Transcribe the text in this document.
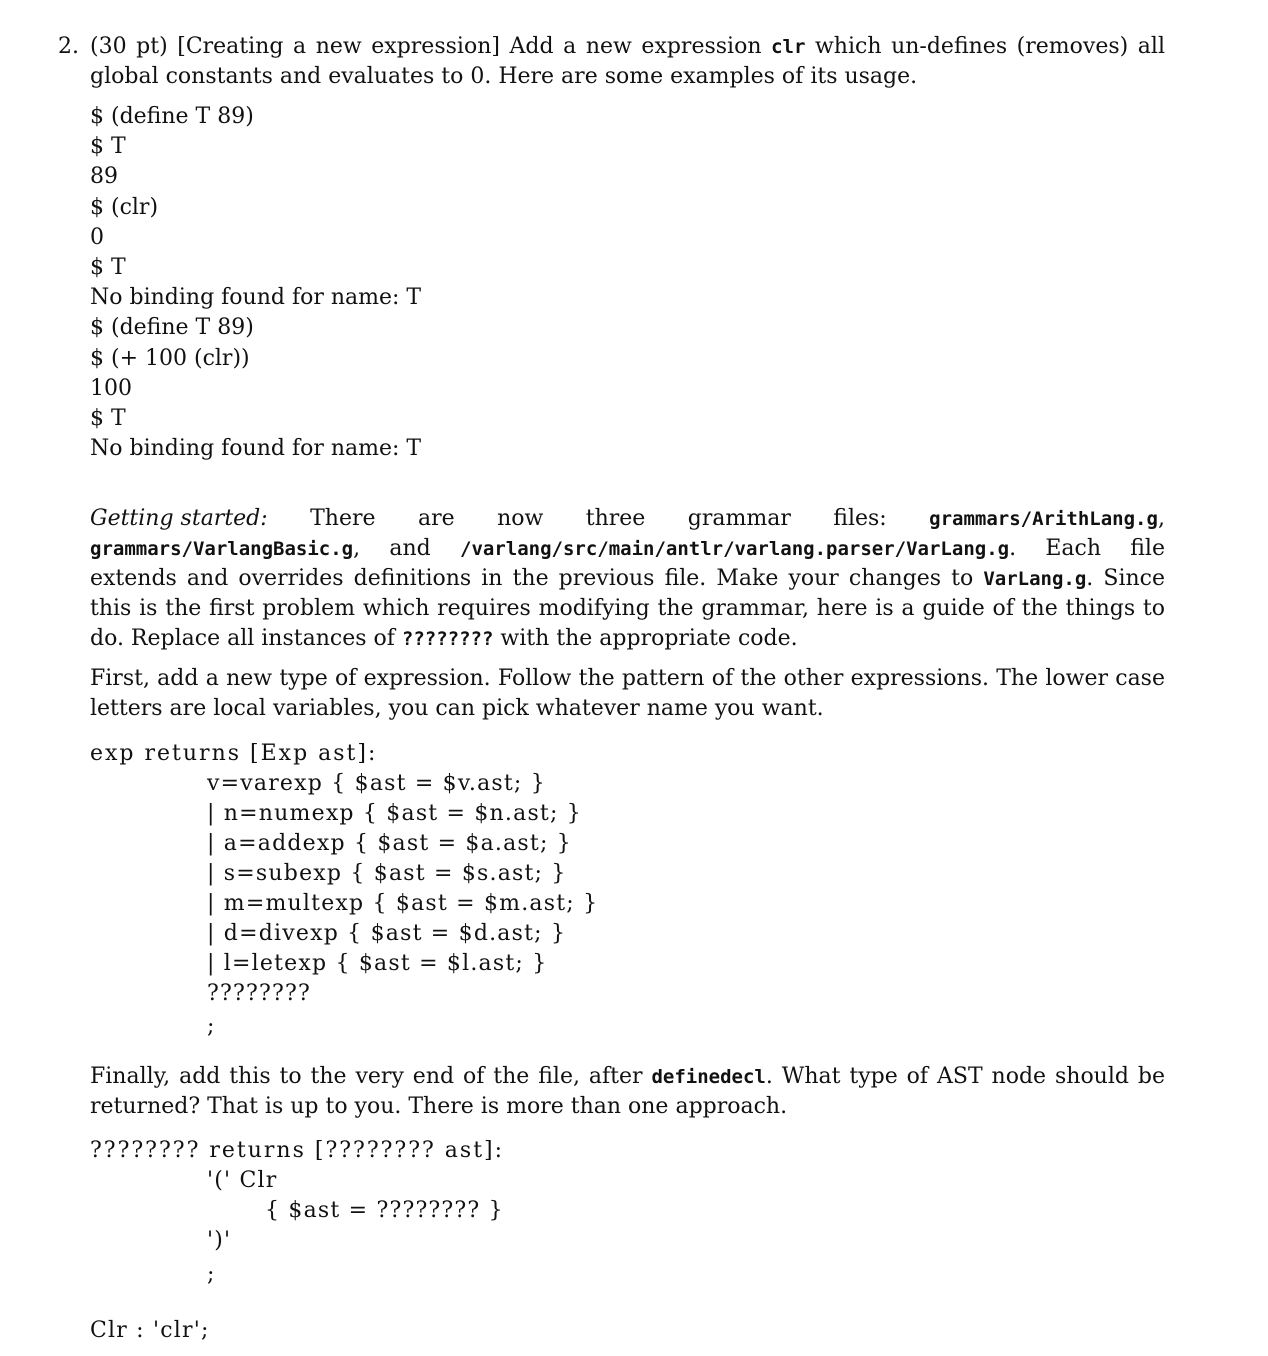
2. (30 pt) [Creating a new expression] Add a new expression clr which un-defines (removes) all global constants and evaluates to 0. Here are some examples of its usage.
$ (define T 89)
$ T
89
$ (clr)
0
$ T
No binding found for name: T
$ (define T 89)
$ (+ 100 (clr))
100
$ T
No binding found for name: T
Getting started: There are now three grammar files: grammars/ArithLang.g,
grammars/VarlangBasic.g, and /varlang/src/main/antlr/varlang.parser/VarLang.g. Each file extends and overrides definitions in the previous file. Make your changes to VarLang.g. Since this is the first problem which requires modifying the grammar, here is a guide of the things to do. Replace all instances of ???????? with the appropriate code.
First, add a new type of expression. Follow the pattern of the other expressions. The lower case letters are local variables, you can pick whatever name you want.
exp returns [Exp ast]:
v=varexp { $ast = $v.ast; }
| n=numexp { $ast = $n.ast; }
| a=addexp { $ast = $a.ast; }
| s=subexp { $ast = $s.ast; }
| m=multexp { $ast = $m.ast; }
| d=divexp { $ast = $d.ast; }
| l=letexp { $ast = $l.ast; }
????????
;
Finally, add this to the very end of the file, after definedecl. What type of AST node should be returned? That is up to you. There is more than one approach.
???????? returns [???????? ast]:
'(' Clr
{ $ast = ???????? }
')'
;
Clr : 'clr';
